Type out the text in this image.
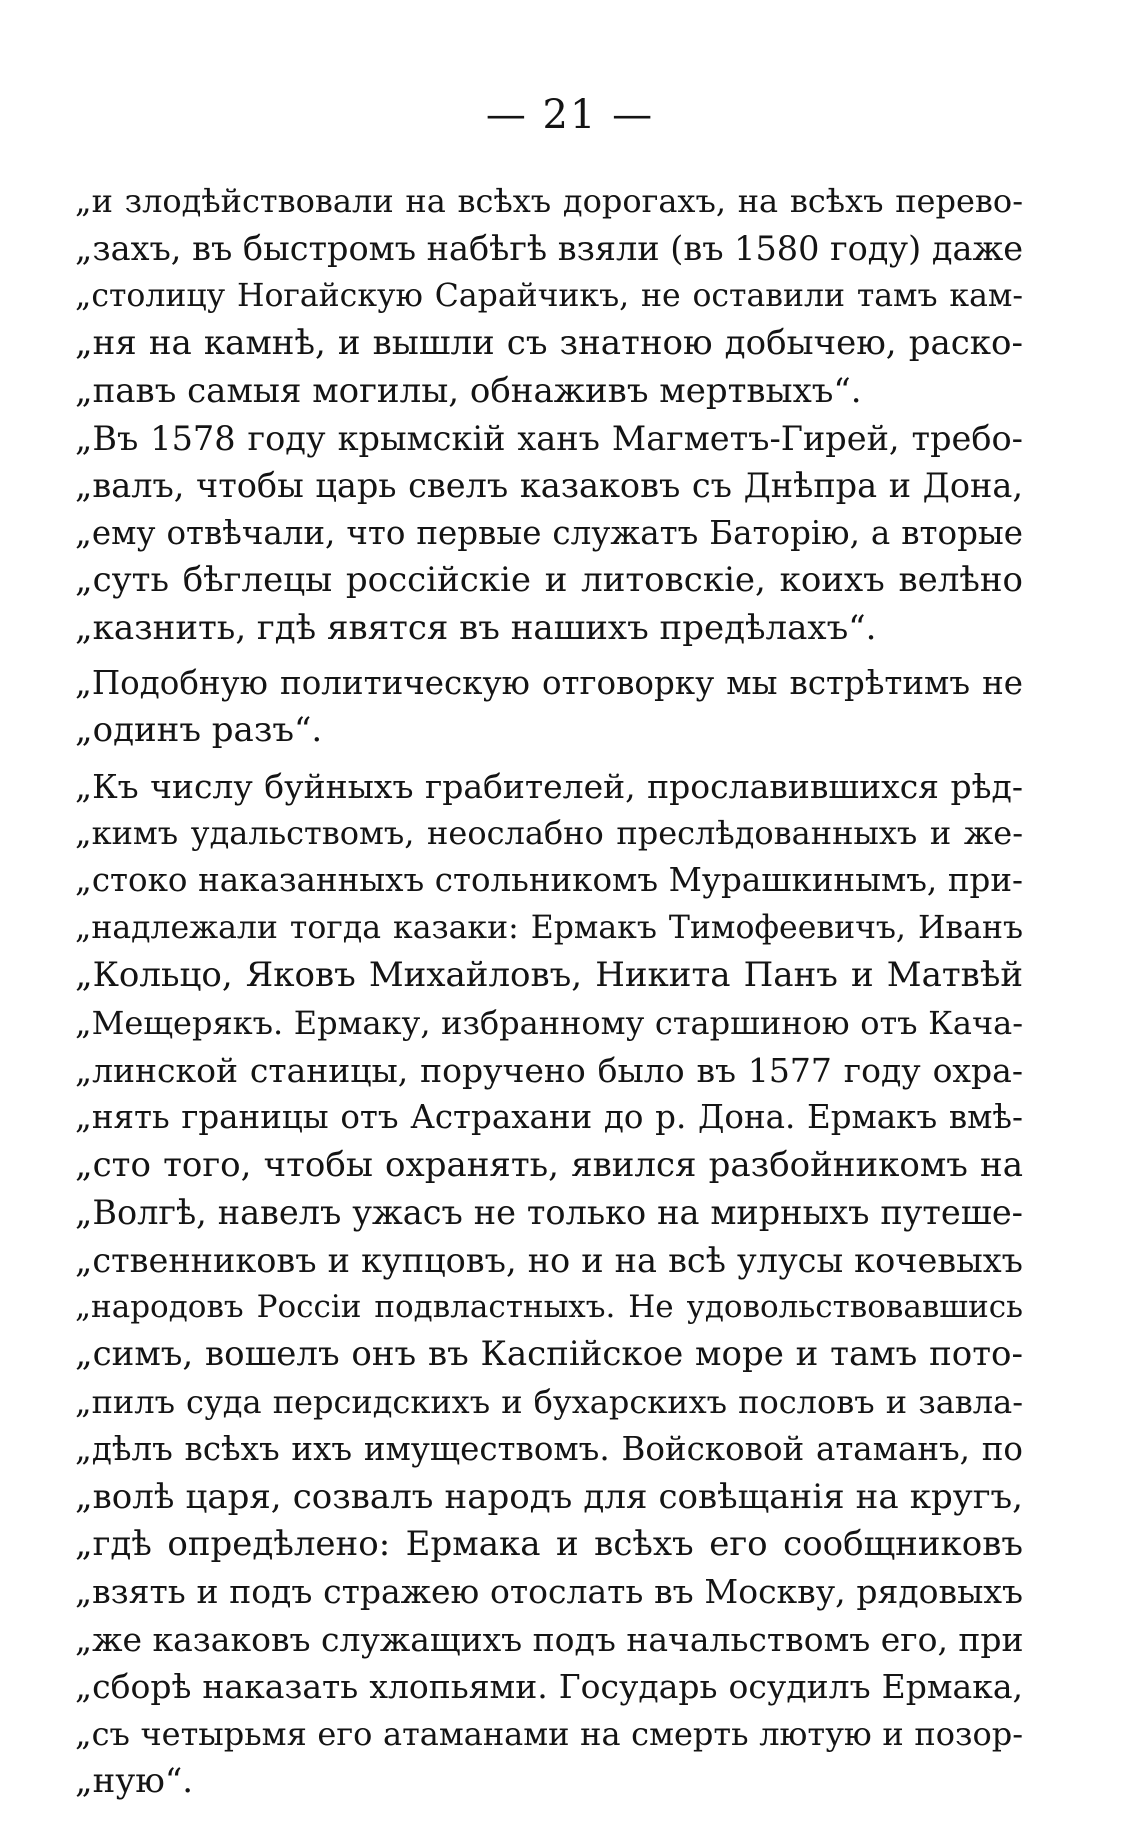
— 21 —
„и злодѣйствовали на всѣхъ дорогахъ, на всѣхъ перево-
„захъ, въ быстромъ набѣгѣ взяли (въ 1580 году) даже
„столицу Ногайскую Сарайчикъ, не оставили тамъ кам-
„ня на камнѣ, и вышли съ знатною добычею, раско-
„павъ самыя могилы, обнаживъ мертвыхъ“.
„Въ 1578 году крымскій ханъ Магметъ-Гирей, требо-
„валъ, чтобы царь свелъ казаковъ съ Днѣпра и Дона,
„ему отвѣчали, что первые служатъ Баторію, а вторые
„суть бѣглецы россійскіе и литовскіе, коихъ велѣно
„казнить, гдѣ явятся въ нашихъ предѣлахъ“.
„Подобную политическую отговорку мы встрѣтимъ не
„одинъ разъ“.
„Къ числу буйныхъ грабителей, прославившихся рѣд-
„кимъ удальствомъ, неослабно преслѣдованныхъ и же-
„стоко наказанныхъ стольникомъ Мурашкинымъ, при-
„надлежали тогда казаки: Ермакъ Тимофеевичъ, Иванъ
„Кольцо, Яковъ Михайловъ, Никита Панъ и Матвѣй
„Мещерякъ. Ермаку, избранному старшиною отъ Кача-
„линской станицы, поручено было въ 1577 году охра-
„нять границы отъ Астрахани до р. Дона. Ермакъ вмѣ-
„сто того, чтобы охранять, явился разбойникомъ на
„Волгѣ, навелъ ужасъ не только на мирныхъ путеше-
„ственниковъ и купцовъ, но и на всѣ улусы кочевыхъ
„народовъ Россіи подвластныхъ. Не удовольствовавшись
„симъ, вошелъ онъ въ Каспійское море и тамъ пото-
„пилъ суда персидскихъ и бухарскихъ пословъ и завла-
„дѣлъ всѣхъ ихъ имуществомъ. Войсковой атаманъ, по
„волѣ царя, созвалъ народъ для совѣщанія на кругъ,
„гдѣ опредѣлено: Ермака и всѣхъ его сообщниковъ
„взять и подъ стражею отослать въ Москву, рядовыхъ
„же казаковъ служащихъ подъ начальствомъ его, при
„сборѣ наказать хлопьями. Государь осудилъ Ермака,
„съ четырьмя его атаманами на смерть лютую и позор-
„ную“.
